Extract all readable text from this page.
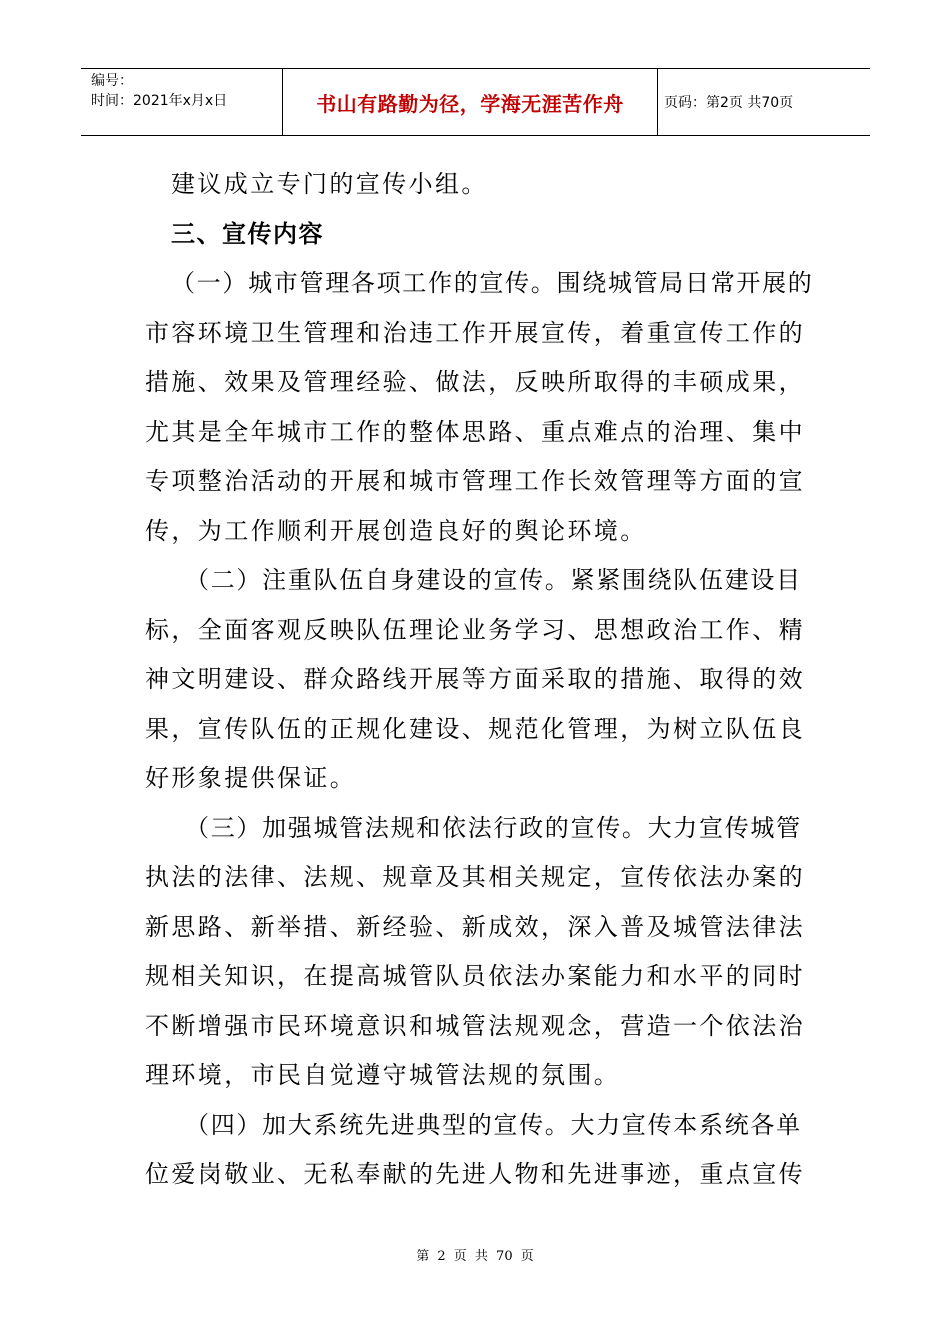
编号：
时间：2021年x月x日	书山有路勤为径，学海无涯苦作舟	页码：第2页 共70页
建议成立专门的宣传小组。
三、宣传内容
（一）城市管理各项工作的宣传。围绕城管局日常开展的
市容环境卫生管理和治违工作开展宣传，着重宣传工作的
措施、效果及管理经验、做法，反映所取得的丰硕成果，
尤其是全年城市工作的整体思路、重点难点的治理、集中
专项整治活动的开展和城市管理工作长效管理等方面的宣
传，为工作顺利开展创造良好的舆论环境。
（二）注重队伍自身建设的宣传。紧紧围绕队伍建设目
标，全面客观反映队伍理论业务学习、思想政治工作、精
神文明建设、群众路线开展等方面采取的措施、取得的效
果，宣传队伍的正规化建设、规范化管理，为树立队伍良
好形象提供保证。
（三）加强城管法规和依法行政的宣传。大力宣传城管
执法的法律、法规、规章及其相关规定，宣传依法办案的
新思路、新举措、新经验、新成效，深入普及城管法律法
规相关知识，在提高城管队员依法办案能力和水平的同时
不断增强市民环境意识和城管法规观念，营造一个依法治
理环境，市民自觉遵守城管法规的氛围。
（四）加大系统先进典型的宣传。大力宣传本系统各单
位爱岗敬业、无私奉献的先进人物和先进事迹，重点宣传
第 2 页 共 70 页
